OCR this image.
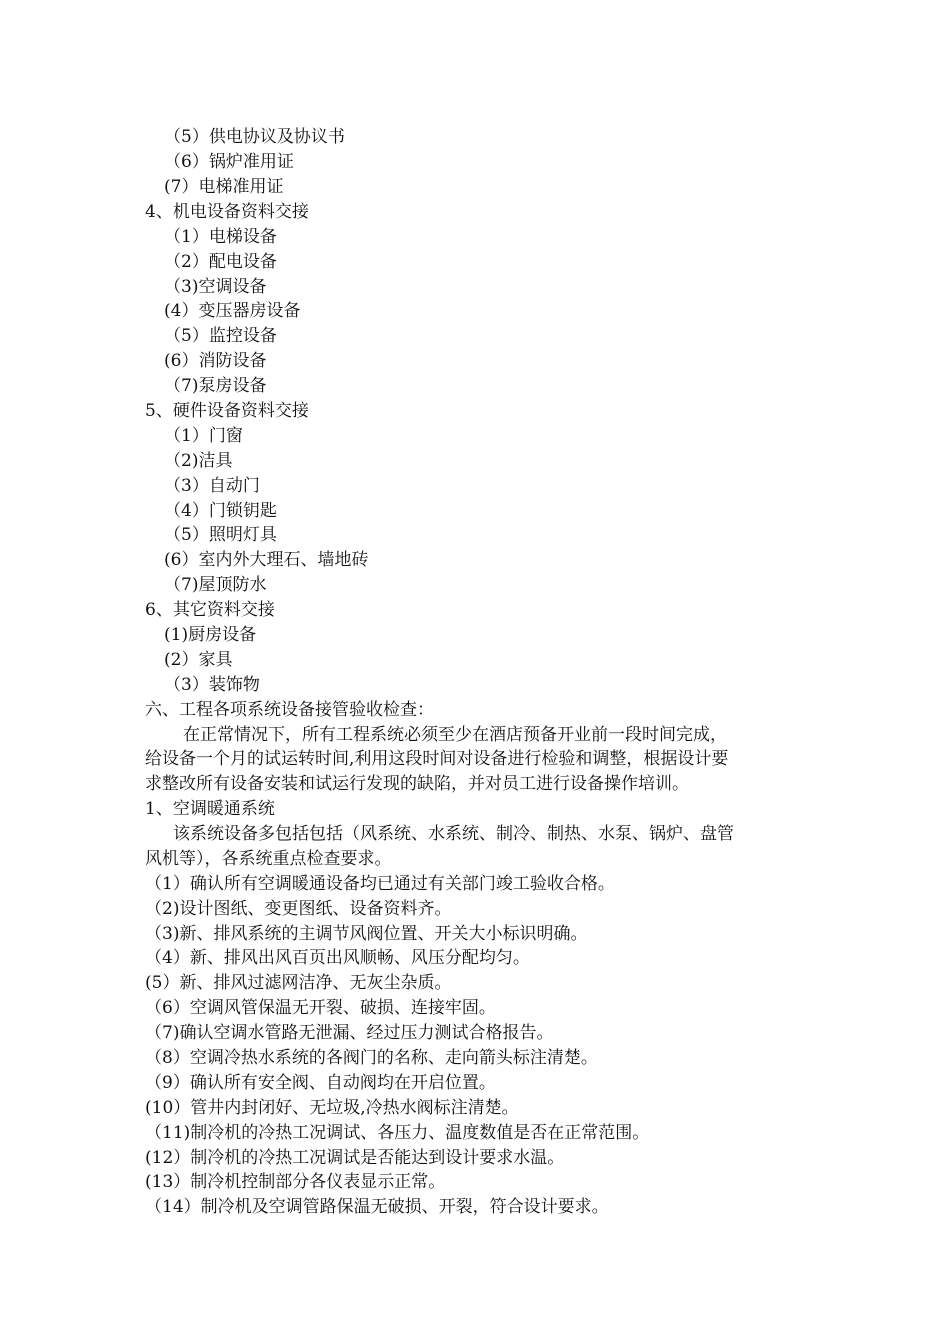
（5）供电协议及协议书
（6）锅炉准用证
(7）电梯准用证
4、机电设备资料交接
（1）电梯设备
（2）配电设备
（3)空调设备
(4）变压器房设备
（5）监控设备
(6）消防设备
（7)泵房设备
5、硬件设备资料交接
（1）门窗
（2)洁具
（3）自动门
（4）门锁钥匙
（5）照明灯具
(6）室内外大理石、墙地砖
（7)屋顶防水
6、其它资料交接
(1)厨房设备
(2）家具
（3）装饰物
六、工程各项系统设备接管验收检查：
在正常情况下，所有工程系统必须至少在酒店预备开业前一段时间完成，
给设备一个月的试运转时间,利用这段时间对设备进行检验和调整，根据设计要
求整改所有设备安装和试运行发现的缺陷，并对员工进行设备操作培训。
1、空调暖通系统
该系统设备多包括包括（风系统、水系统、制冷、制热、水泵、锅炉、盘管
风机等），各系统重点检查要求。
（1）确认所有空调暖通设备均已通过有关部门竣工验收合格。
（2)设计图纸、变更图纸、设备资料齐。
（3)新、排风系统的主调节风阀位置、开关大小标识明确。
（4）新、排风出风百页出风顺畅、风压分配均匀。
(5）新、排风过滤网洁净、无灰尘杂质。
（6）空调风管保温无开裂、破损、连接牢固。
（7)确认空调水管路无泄漏、经过压力测试合格报告。
（8）空调冷热水系统的各阀门的名称、走向箭头标注清楚。
（9）确认所有安全阀、自动阀均在开启位置。
(10）管井内封闭好、无垃圾,冷热水阀标注清楚。
（11)制冷机的冷热工况调试、各压力、温度数值是否在正常范围。
(12）制冷机的冷热工况调试是否能达到设计要求水温。
(13）制冷机控制部分各仪表显示正常。
（14）制冷机及空调管路保温无破损、开裂，符合设计要求。
